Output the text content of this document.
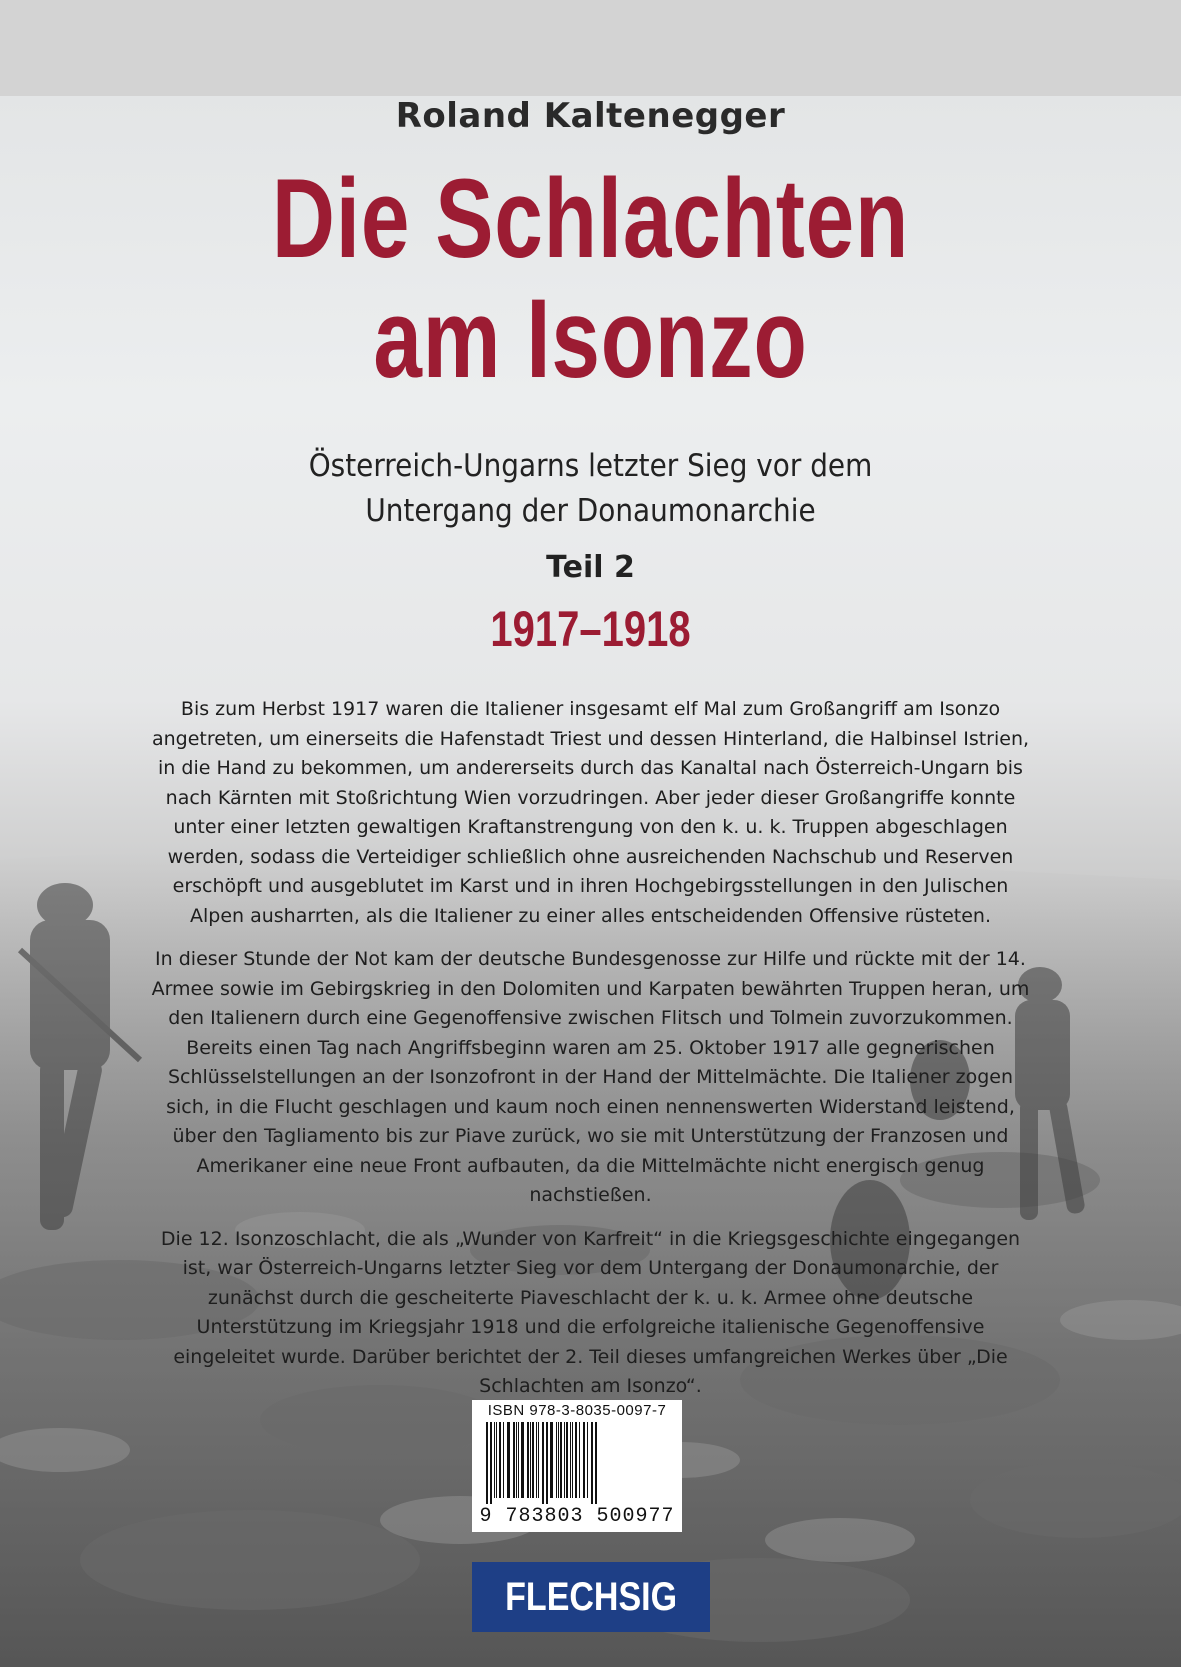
Roland Kaltenegger
Die Schlachten
am Isonzo
Österreich-Ungarns letzter Sieg vor dem
Untergang der Donaumonarchie
Teil 2
1917–1918

Bis zum Herbst 1917 waren die Italiener insgesamt elf Mal zum Großangriff am Isonzo angetreten, um einerseits die Hafenstadt Triest und dessen Hinterland, die Halbinsel Istrien, in die Hand zu bekommen, um andererseits durch das Kanaltal nach Österreich-Ungarn bis nach Kärnten mit Stoßrichtung Wien vorzudringen. Aber jeder dieser Großangriffe konnte unter einer letzten gewaltigen Kraftanstrengung von den k. u. k. Truppen abgeschlagen werden, sodass die Verteidiger schließlich ohne ausreichenden Nachschub und Reserven erschöpft und ausgeblutet im Karst und in ihren Hochgebirgsstellungen in den Julischen Alpen ausharrten, als die Italiener zu einer alles entscheidenden Offensive rüsteten.

In dieser Stunde der Not kam der deutsche Bundesgenosse zur Hilfe und rückte mit der 14. Armee sowie im Gebirgskrieg in den Dolomiten und Karpaten bewährten Truppen heran, um den Italienern durch eine Gegenoffensive zwischen Flitsch und Tolmein zuvorzukommen. Bereits einen Tag nach Angriffsbeginn waren am 25. Oktober 1917 alle gegnerischen Schlüsselstellungen an der Isonzofront in der Hand der Mittelmächte. Die Italiener zogen sich, in die Flucht geschlagen und kaum noch einen nennenswerten Widerstand leistend, über den Tagliamento bis zur Piave zurück, wo sie mit Unterstützung der Franzosen und Amerikaner eine neue Front aufbauten, da die Mittelmächte nicht energisch genug nachstießen.

Die 12. Isonzoschlacht, die als „Wunder von Karfreit“ in die Kriegsgeschichte eingegangen ist, war Österreich-Ungarns letzter Sieg vor dem Untergang der Donaumonarchie, der zunächst durch die gescheiterte Piaveschlacht der k. u. k. Armee ohne deutsche Unterstützung im Kriegsjahr 1918 und die erfolgreiche italienische Gegenoffensive eingeleitet wurde. Darüber berichtet der 2. Teil dieses umfangreichen Werkes über „Die Schlachten am Isonzo“.

ISBN 978-3-8035-0097-7
9 783803 500977
FLECHSIG
